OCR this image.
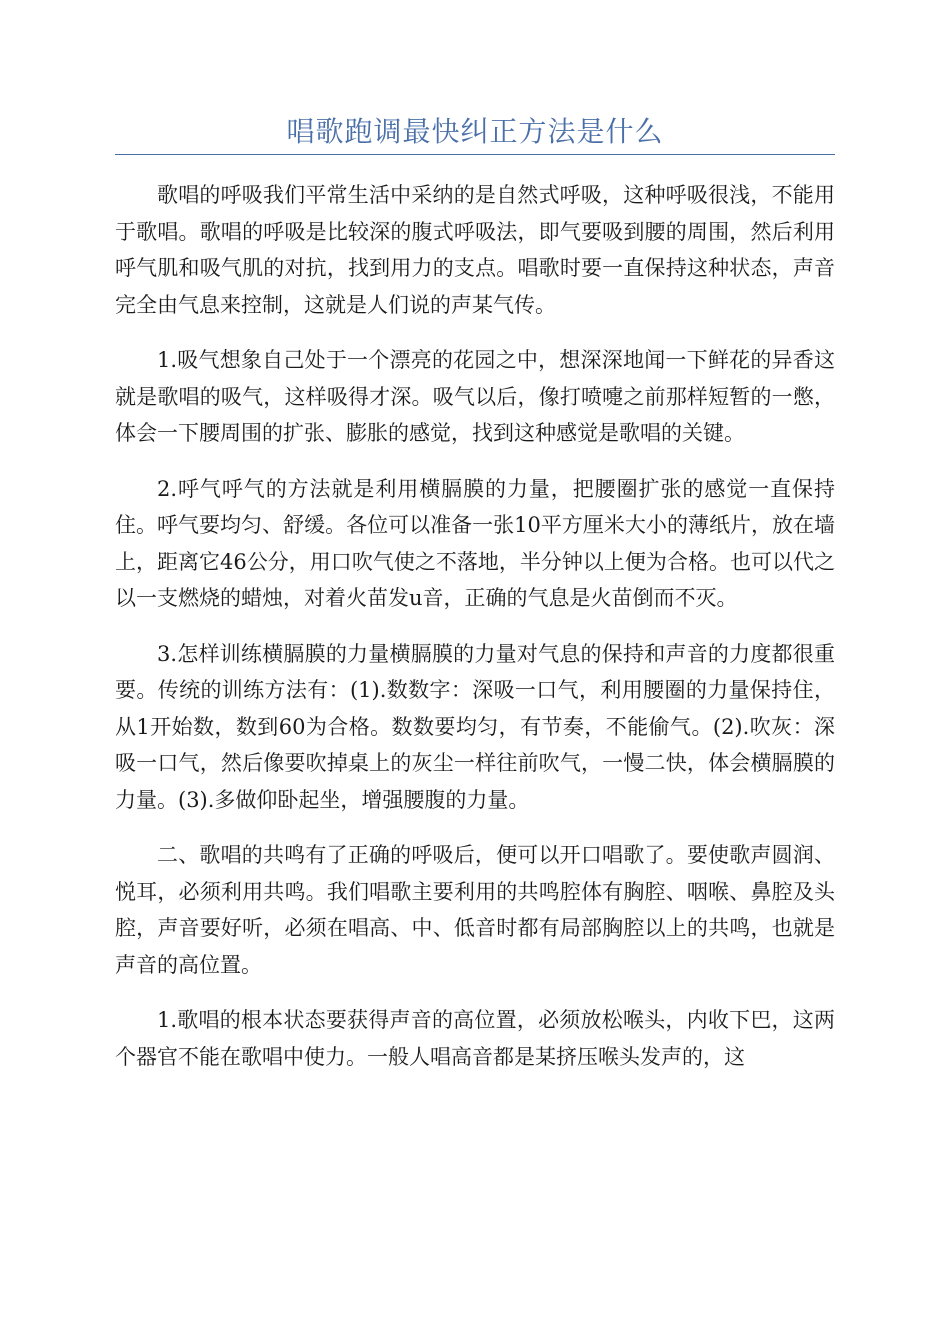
唱歌跑调最快纠正方法是什么

歌唱的呼吸我们平常生活中采纳的是自然式呼吸，这种呼吸很浅，不能用于歌唱。歌唱的呼吸是比较深的腹式呼吸法，即气要吸到腰的周围，然后利用呼气肌和吸气肌的对抗，找到用力的支点。唱歌时要一直保持这种状态，声音完全由气息来控制，这就是人们说的声某气传。

1.吸气想象自己处于一个漂亮的花园之中，想深深地闻一下鲜花的异香这就是歌唱的吸气，这样吸得才深。吸气以后，像打喷嚏之前那样短暂的一憋，体会一下腰周围的扩张、膨胀的感觉，找到这种感觉是歌唱的关键。

2.呼气呼气的方法就是利用横膈膜的力量，把腰圈扩张的感觉一直保持住。呼气要均匀、舒缓。各位可以准备一张10平方厘米大小的薄纸片，放在墙上，距离它46公分，用口吹气使之不落地，半分钟以上便为合格。也可以代之以一支燃烧的蜡烛，对着火苗发u音，正确的气息是火苗倒而不灭。

3.怎样训练横膈膜的力量横膈膜的力量对气息的保持和声音的力度都很重要。传统的训练方法有：(1).数数字：深吸一口气，利用腰圈的力量保持住，从1开始数，数到60为合格。数数要均匀，有节奏，不能偷气。(2).吹灰：深吸一口气，然后像要吹掉桌上的灰尘一样往前吹气，一慢二快，体会横膈膜的力量。(3).多做仰卧起坐，增强腰腹的力量。

二、歌唱的共鸣有了正确的呼吸后，便可以开口唱歌了。要使歌声圆润、悦耳，必须利用共鸣。我们唱歌主要利用的共鸣腔体有胸腔、咽喉、鼻腔及头腔，声音要好听，必须在唱高、中、低音时都有局部胸腔以上的共鸣，也就是声音的高位置。

1.歌唱的根本状态要获得声音的高位置，必须放松喉头，内收下巴，这两个器官不能在歌唱中使力。一般人唱高音都是某挤压喉头发声的，这
